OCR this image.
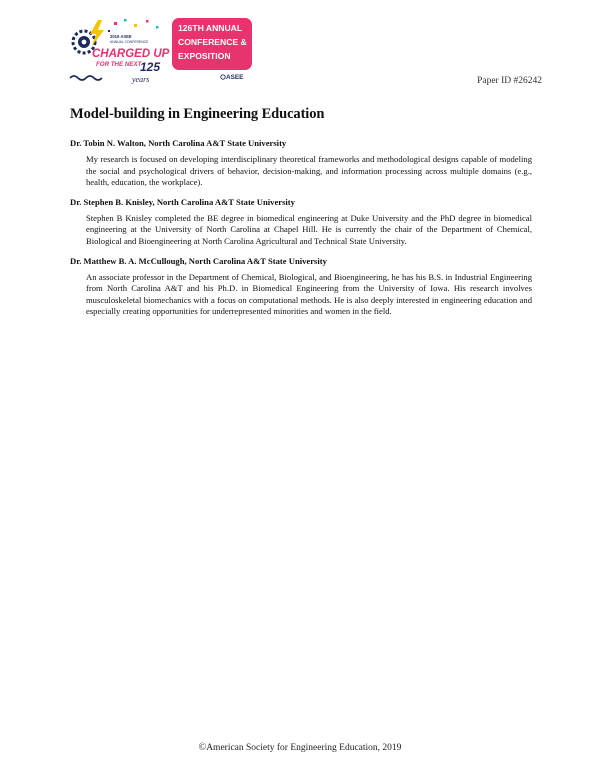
2019 ASEE
ANNUAL CONFERENCE
CHARGED UP
FOR THE NEXT
125
years
126TH ANNUAL
CONFERENCE &
EXPOSITION
ASEE	Paper ID #26242
Model-building in Engineering Education
Dr. Tobin N. Walton, North Carolina A&T State University

My research is focused on developing interdisciplinary theoretical frameworks and methodological designs capable of modeling the social and psychological drivers of behavior, decision-making, and information processing across multiple domains (e.g., health, education, the workplace).

Dr. Stephen B. Knisley, North Carolina A&T State University

Stephen B Knisley completed the BE degree in biomedical engineering at Duke University and the PhD degree in biomedical engineering at the University of North Carolina at Chapel Hill. He is currently the chair of the Department of Chemical, Biological and Bioengineering at North Carolina Agricultural and Technical State University.

Dr. Matthew B. A. McCullough, North Carolina A&T State University

An associate professor in the Department of Chemical, Biological, and Bioengineering, he has his B.S. in Industrial Engineering from North Carolina A&T and his Ph.D. in Biomedical Engineering from the University of Iowa. His research involves musculoskeletal biomechanics with a focus on computational methods. He is also deeply interested in engineering education and especially creating opportunities for underrepresented minorities and women in the field.

©American Society for Engineering Education, 2019
